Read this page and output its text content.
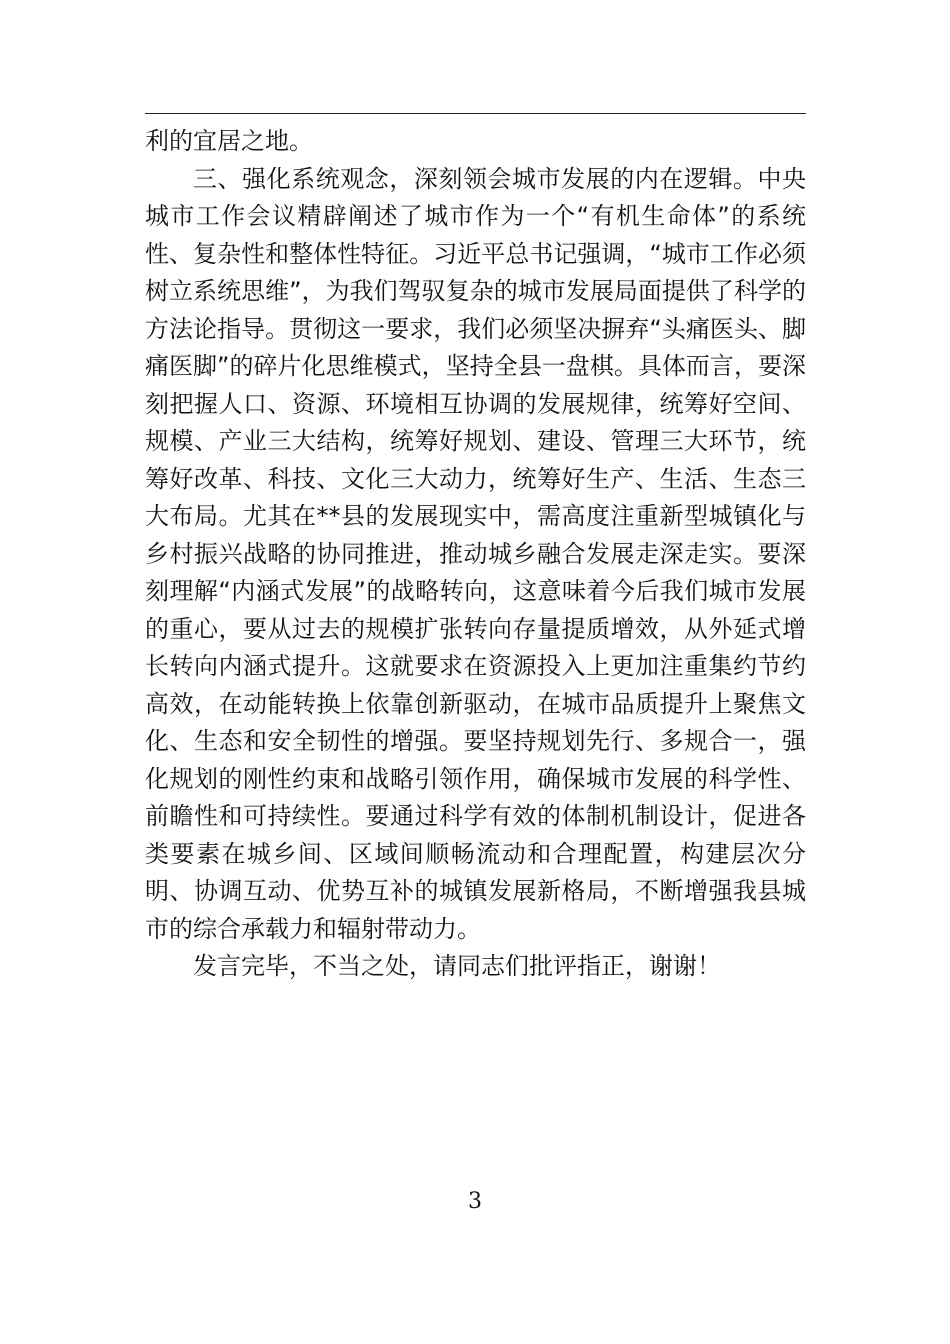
利的宜居之地。

三、强化系统观念，深刻领会城市发展的内在逻辑。中央城市工作会议精辟阐述了城市作为一个“有机生命体”的系统性、复杂性和整体性特征。习近平总书记强调，“城市工作必须树立系统思维”，为我们驾驭复杂的城市发展局面提供了科学的方法论指导。贯彻这一要求，我们必须坚决摒弃“头痛医头、脚痛医脚”的碎片化思维模式，坚持全县一盘棋。具体而言，要深刻把握人口、资源、环境相互协调的发展规律，统筹好空间、规模、产业三大结构，统筹好规划、建设、管理三大环节，统筹好改革、科技、文化三大动力，统筹好生产、生活、生态三大布局。尤其在**县的发展现实中，需高度注重新型城镇化与乡村振兴战略的协同推进，推动城乡融合发展走深走实。要深刻理解“内涵式发展”的战略转向，这意味着今后我们城市发展的重心，要从过去的规模扩张转向存量提质增效，从外延式增长转向内涵式提升。这就要求在资源投入上更加注重集约节约高效，在动能转换上依靠创新驱动，在城市品质提升上聚焦文化、生态和安全韧性的增强。要坚持规划先行、多规合一，强化规划的刚性约束和战略引领作用，确保城市发展的科学性、前瞻性和可持续性。要通过科学有效的体制机制设计，促进各类要素在城乡间、区域间顺畅流动和合理配置，构建层次分明、协调互动、优势互补的城镇发展新格局，不断增强我县城市的综合承载力和辐射带动力。

发言完毕，不当之处，请同志们批评指正，谢谢！

3
